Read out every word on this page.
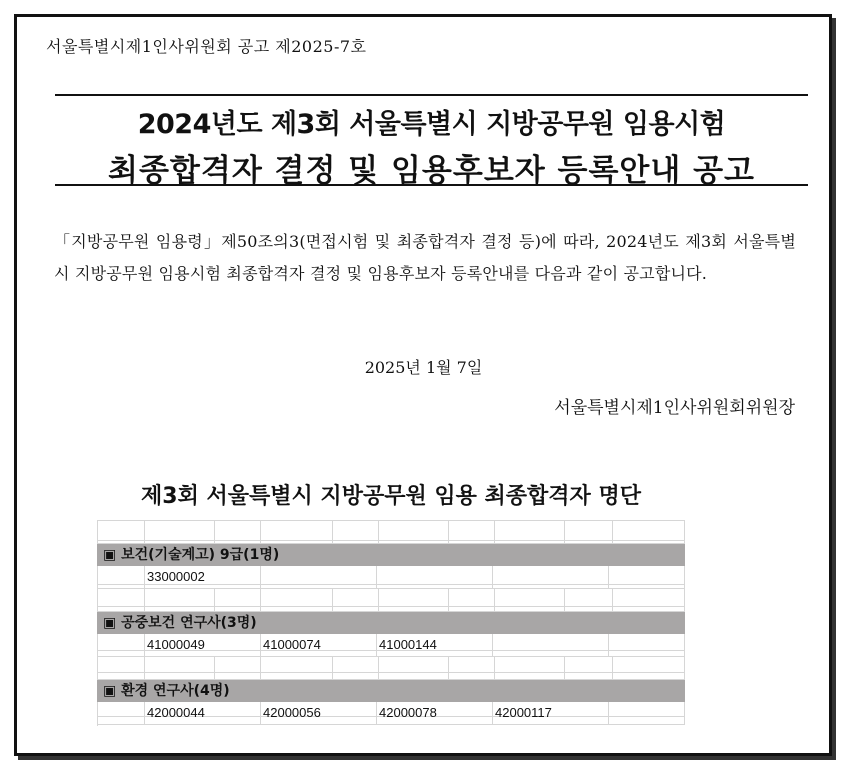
서울특별시제1인사위원회 공고 제2025-7호
2024년도 제3회 서울특별시 지방공무원 임용시험
최종합격자 결정 및 임용후보자 등록안내 공고
「지방공무원 임용령」제50조의3(면접시험 및 최종합격자 결정 등)에 따라, 2024년도 제3회 서울특별시 지방공무원 임용시험 최종합격자 결정 및 임용후보자 등록안내를 다음과 같이 공고합니다.
2025년 1월 7일
서울특별시제1인사위원회위원장
제3회 서울특별시 지방공무원 임용 최종합격자 명단
▣ 보건(기술계고) 9급(1명)
33000002
▣ 공중보건 연구사(3명)
41000049	41000074	41000144
▣ 환경 연구사(4명)
42000044	42000056	42000078	42000117
